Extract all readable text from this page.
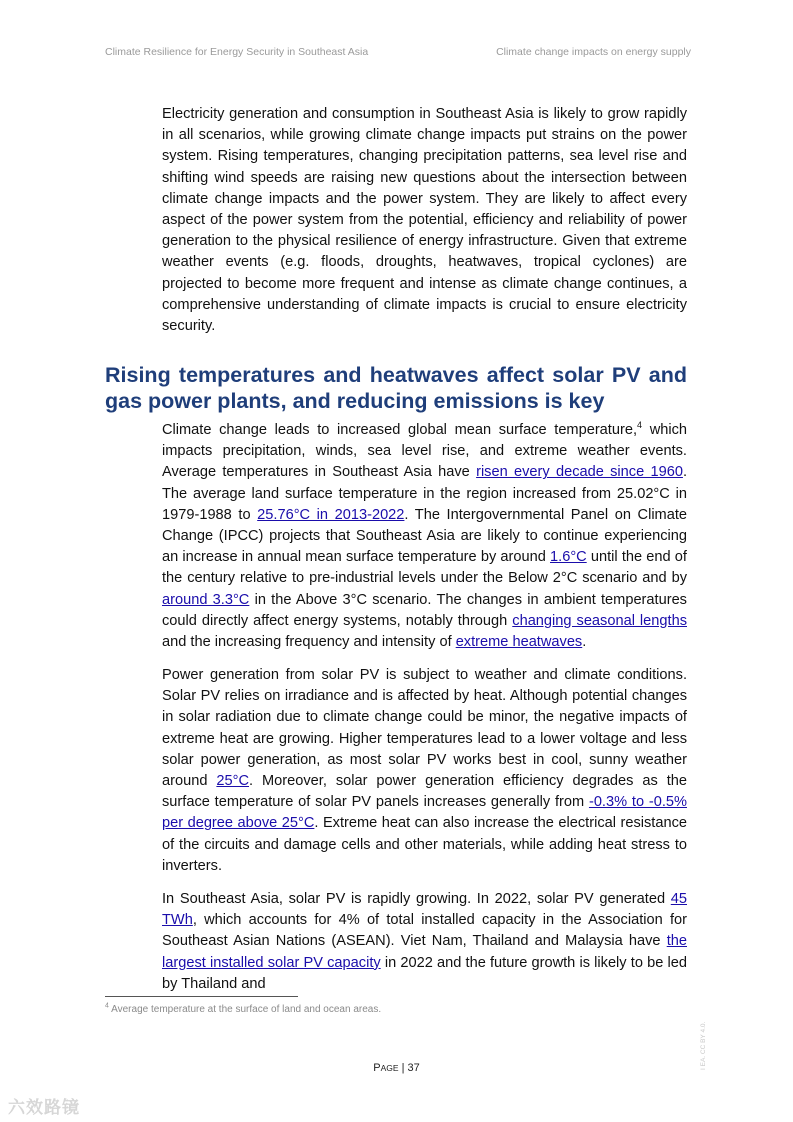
Climate Resilience for Energy Security in Southeast Asia	Climate change impacts on energy supply

Electricity generation and consumption in Southeast Asia is likely to grow rapidly in all scenarios, while growing climate change impacts put strains on the power system. Rising temperatures, changing precipitation patterns, sea level rise and shifting wind speeds are raising new questions about the intersection between climate change impacts and the power system. They are likely to affect every aspect of the power system from the potential, efficiency and reliability of power generation to the physical resilience of energy infrastructure. Given that extreme weather events (e.g. floods, droughts, heatwaves, tropical cyclones) are projected to become more frequent and intense as climate change continues, a comprehensive understanding of climate impacts is crucial to ensure electricity security.

Rising temperatures and heatwaves affect solar PV and gas power plants, and reducing emissions is key

Climate change leads to increased global mean surface temperature,$^4$ which impacts precipitation, winds, sea level rise, and extreme weather events. Average temperatures in Southeast Asia have risen every decade since 1960. The average land surface temperature in the region increased from 25.02°C in 1979-1988 to 25.76°C in 2013-2022. The Intergovernmental Panel on Climate Change (IPCC) projects that Southeast Asia are likely to continue experiencing an increase in annual mean surface temperature by around 1.6°C until the end of the century relative to pre-industrial levels under the Below 2°C scenario and by around 3.3°C in the Above 3°C scenario. The changes in ambient temperatures could directly affect energy systems, notably through changing seasonal lengths and the increasing frequency and intensity of extreme heatwaves.

Power generation from solar PV is subject to weather and climate conditions. Solar PV relies on irradiance and is affected by heat. Although potential changes in solar radiation due to climate change could be minor, the negative impacts of extreme heat are growing. Higher temperatures lead to a lower voltage and less solar power generation, as most solar PV works best in cool, sunny weather around 25°C. Moreover, solar power generation efficiency degrades as the surface temperature of solar PV panels increases generally from -0.3% to -0.5% per degree above 25°C. Extreme heat can also increase the electrical resistance of the circuits and damage cells and other materials, while adding heat stress to inverters.

In Southeast Asia, solar PV is rapidly growing. In 2022, solar PV generated 45 TWh, which accounts for 4% of total installed capacity in the Association for Southeast Asian Nations (ASEAN). Viet Nam, Thailand and Malaysia have the largest installed solar PV capacity in 2022 and the future growth is likely to be led by Thailand and

$^4$ Average temperature at the surface of land and ocean areas.
PAGE | 37	I EA. CC BY 4.0.
六效路镜
